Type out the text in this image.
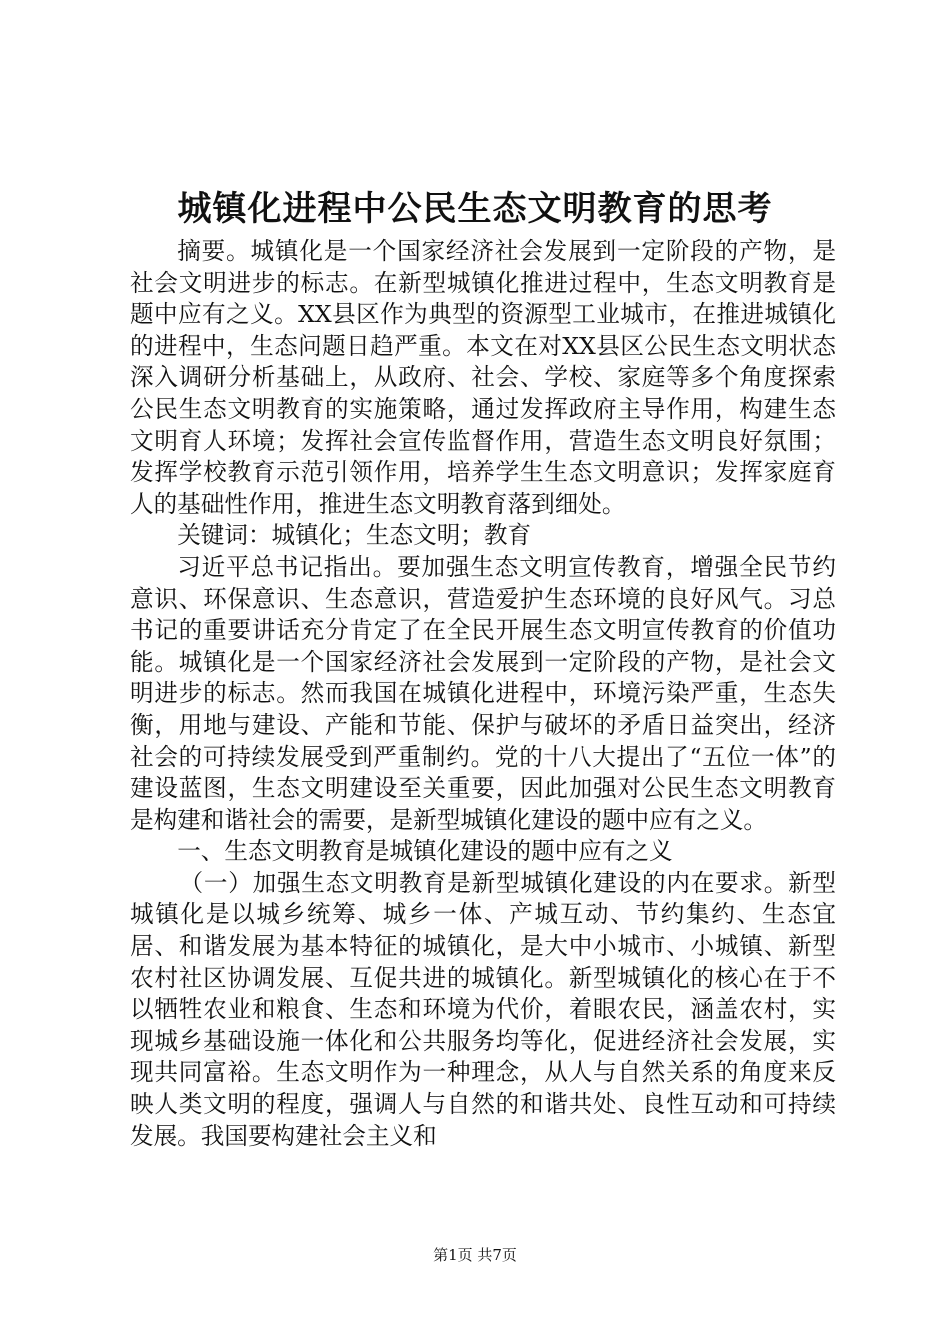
城镇化进程中公民生态文明教育的思考

摘要。城镇化是一个国家经济社会发展到一定阶段的产物，是社会文明进步的标志。在新型城镇化推进过程中，生态文明教育是题中应有之义。XX县区作为典型的资源型工业城市，在推进城镇化的进程中，生态问题日趋严重。本文在对XX县区公民生态文明状态深入调研分析基础上，从政府、社会、学校、家庭等多个角度探索公民生态文明教育的实施策略，通过发挥政府主导作用，构建生态文明育人环境；发挥社会宣传监督作用，营造生态文明良好氛围；发挥学校教育示范引领作用，培养学生生态文明意识；发挥家庭育人的基础性作用，推进生态文明教育落到细处。

关键词：城镇化；生态文明；教育

习近平总书记指出。要加强生态文明宣传教育，增强全民节约意识、环保意识、生态意识，营造爱护生态环境的良好风气。习总书记的重要讲话充分肯定了在全民开展生态文明宣传教育的价值功能。城镇化是一个国家经济社会发展到一定阶段的产物，是社会文明进步的标志。然而我国在城镇化进程中，环境污染严重，生态失衡，用地与建设、产能和节能、保护与破坏的矛盾日益突出，经济社会的可持续发展受到严重制约。党的十八大提出了“五位一体”的建设蓝图，生态文明建设至关重要，因此加强对公民生态文明教育是构建和谐社会的需要，是新型城镇化建设的题中应有之义。

一、生态文明教育是城镇化建设的题中应有之义

（一）加强生态文明教育是新型城镇化建设的内在要求。新型城镇化是以城乡统筹、城乡一体、产城互动、节约集约、生态宜居、和谐发展为基本特征的城镇化，是大中小城市、小城镇、新型农村社区协调发展、互促共进的城镇化。新型城镇化的核心在于不以牺牲农业和粮食、生态和环境为代价，着眼农民，涵盖农村，实现城乡基础设施一体化和公共服务均等化，促进经济社会发展，实现共同富裕。生态文明作为一种理念，从人与自然关系的角度来反映人类文明的程度，强调人与自然的和谐共处、良性互动和可持续发展。我国要构建社会主义和

第1页 共7页
